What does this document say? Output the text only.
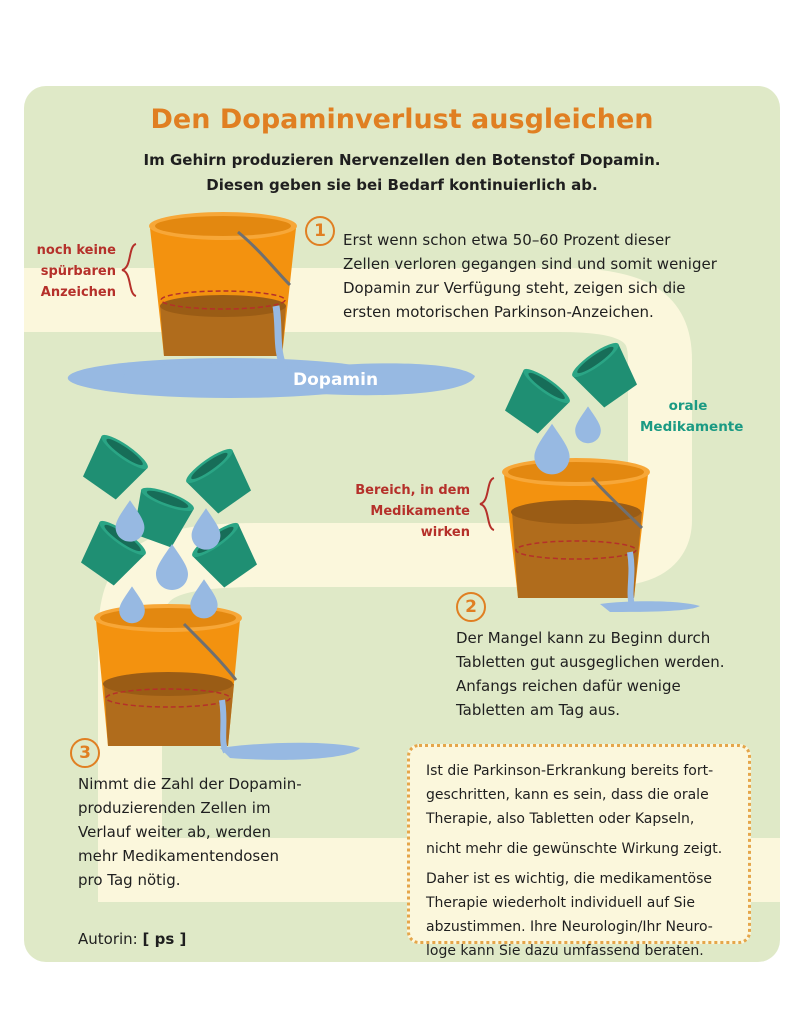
Den Dopaminverlust ausgleichen
Im Gehirn produzieren Nervenzellen den Botenstof Dopamin.
Diesen geben sie bei Bedarf kontinuierlich ab.
noch keine
spürbaren
Anzeichen
1	Erst wenn schon etwa 50–60 Prozent dieser
Zellen verloren gegangen sind und somit weniger
Dopamin zur Verfügung steht, zeigen sich die
ersten motorischen Parkinson-Anzeichen.
Dopamin
orale
Medikamente
Bereich, in dem
Medikamente
wirken
2
Der Mangel kann zu Beginn durch
Tabletten gut ausgeglichen werden.
Anfangs reichen dafür wenige
Tabletten am Tag aus.
3
Nimmt die Zahl der Dopamin-
produzierenden Zellen im
Verlauf weiter ab, werden
mehr Medikamentendosen
pro Tag nötig.
Ist die Parkinson-Erkrankung bereits fort-
geschritten, kann es sein, dass die orale
Therapie, also Tabletten oder Kapseln,
nicht mehr die gewünschte Wirkung zeigt.
Daher ist es wichtig, die medikamentöse
Therapie wiederholt individuell auf Sie
abzustimmen. Ihre Neurologin/Ihr Neuro-
loge kann Sie dazu umfassend beraten.
Autorin: [ ps ]
